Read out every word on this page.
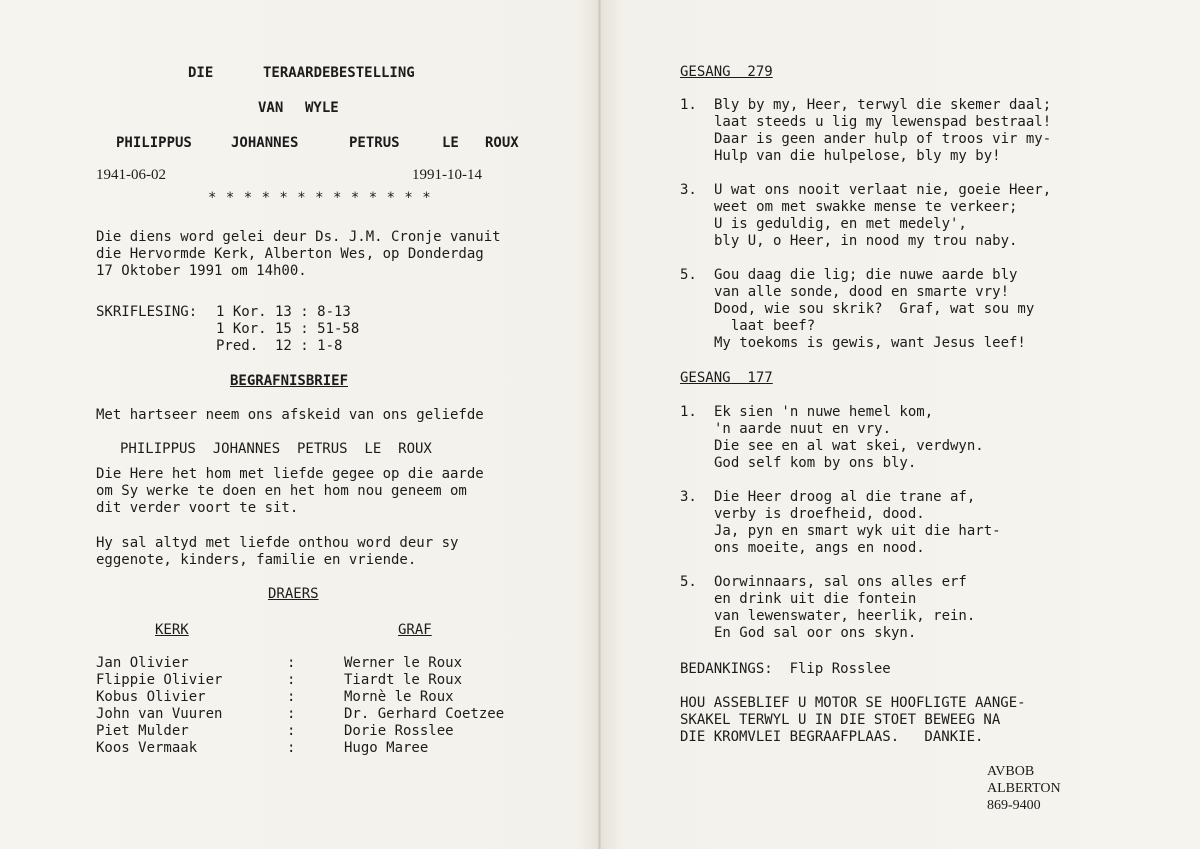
DIE	TERAARDEBESTELLING
VAN WYLE
PHILIPPUS	JOHANNES	PETRUS	LE ROUX
1941-06-02	1991-10-14
* * * * * * * * * * * * *
Die diens word gelei deur Ds. J.M. Cronje vanuit
die Hervormde Kerk, Alberton Wes, op Donderdag
17 Oktober 1991 om 14h00.
SKRIFLESING: 1 Kor. 13 : 8-13
1 Kor. 15 : 51-58
Pred.  12 : 1-8
BEGRAFNISBRIEF
Met hartseer neem ons afskeid van ons geliefde
PHILIPPUS  JOHANNES  PETRUS  LE  ROUX
Die Here het hom met liefde gegee op die aarde
om Sy werke te doen en het hom nou geneem om
dit verder voort te sit.
Hy sal altyd met liefde onthou word deur sy
eggenote, kinders, familie en vriende.
DRAERS
KERK	GRAF
Jan Olivier	:	Werner le Roux
Flippie Olivier	:	Tiardt le Roux
Kobus Olivier	:	Mornè le Roux
John van Vuuren	:	Dr. Gerhard Coetzee
Piet Mulder	:	Dorie Rosslee
Koos Vermaak	:	Hugo Maree
GESANG  279
1. Bly by my, Heer, terwyl die skemer daal;
laat steeds u lig my lewenspad bestraal!
Daar is geen ander hulp of troos vir my-
Hulp van die hulpelose, bly my by!
3. U wat ons nooit verlaat nie, goeie Heer,
weet om met swakke mense te verkeer;
U is geduldig, en met medely',
bly U, o Heer, in nood my trou naby.
5. Gou daag die lig; die nuwe aarde bly
van alle sonde, dood en smarte vry!
Dood, wie sou skrik?  Graf, wat sou my
laat beef?
My toekoms is gewis, want Jesus leef!
GESANG  177
1. Ek sien 'n nuwe hemel kom,
'n aarde nuut en vry.
Die see en al wat skei, verdwyn.
God self kom by ons bly.
3. Die Heer droog al die trane af,
verby is droefheid, dood.
Ja, pyn en smart wyk uit die hart-
ons moeite, angs en nood.
5. Oorwinnaars, sal ons alles erf
en drink uit die fontein
van lewenswater, heerlik, rein.
En God sal oor ons skyn.
BEDANKINGS:  Flip Rosslee
HOU ASSEBLIEF U MOTOR SE HOOFLIGTE AANGE-
SKAKEL TERWYL U IN DIE STOET BEWEEG NA
DIE KROMVLEI BEGRAAFPLAAS.   DANKIE.
AVBOB
ALBERTON
869-9400
